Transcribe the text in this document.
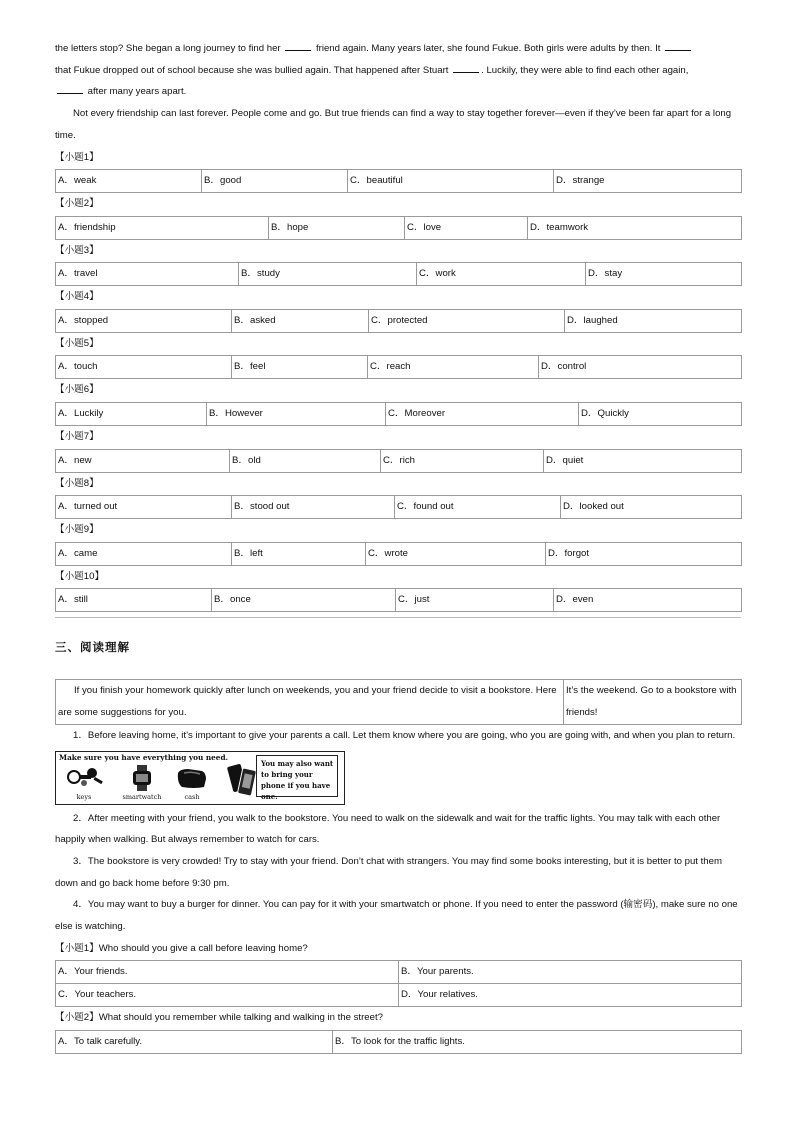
the letters stop? She began a long journey to find her	friend again. Many years later, she found Fukue. Both girls were adults by then. It

that Fukue dropped out of school because she was bullied again. That happened after Stuart	. Luckily, they were able to find each other again,

after many years apart.

Not every friendship can last forever. People come and go. But true friends can find a way to stay together forever—even if they’ve been far apart for a long time.

【小题1】
A．weak	B．good	C．beautiful	D．strange
【小题2】
A．friendship	B．hope	C．love	D．teamwork
【小题3】
A．travel	B．study	C．work	D．stay
【小题4】
A．stopped	B．asked	C．protected	D．laughed
【小题5】
A．touch	B．feel	C．reach	D．control
【小题6】
A．Luckily	B．However	C．Moreover	D．Quickly
【小题7】
A．new	B．old	C．rich	D．quiet
【小题8】
A．turned out	B．stood out	C．found out	D．looked out
【小题9】
A．came	B．left	C．wrote	D．forgot
【小题10】
A．still	B．once	C．just	D．even
三、阅读理解
If you finish your homework quickly after lunch on weekends, you and your friend decide to visit a bookstore. Here are some suggestions for you.	It’s the weekend. Go to a bookstore with friends!

1．Before leaving home, it’s important to give your parents a call. Let them know where you are going, who you are going with, and when you plan to return.

Make sure you have everything you need.
keys	smartwatch	cash
You may also want to bring your phone if you have one.

2．After meeting with your friend, you walk to the bookstore. You need to walk on the sidewalk and wait for the traffic lights. You may talk with each other happily when walking. But always remember to watch for cars.

3．The bookstore is very crowded! Try to stay with your friend. Don’t chat with strangers. You may find some books interesting, but it is better to put them down and go back home before 9:30 pm.

4．You may want to buy a burger for dinner. You can pay for it with your smartwatch or phone. If you need to enter the password (输密码), make sure no one else is watching.

【小题1】Who should you give a call before leaving home?
A．Your friends.	B．Your parents.
C．Your teachers.	D．Your relatives.
【小题2】What should you remember while talking and walking in the street?
A．To talk carefully.	B．To look for the traffic lights.
